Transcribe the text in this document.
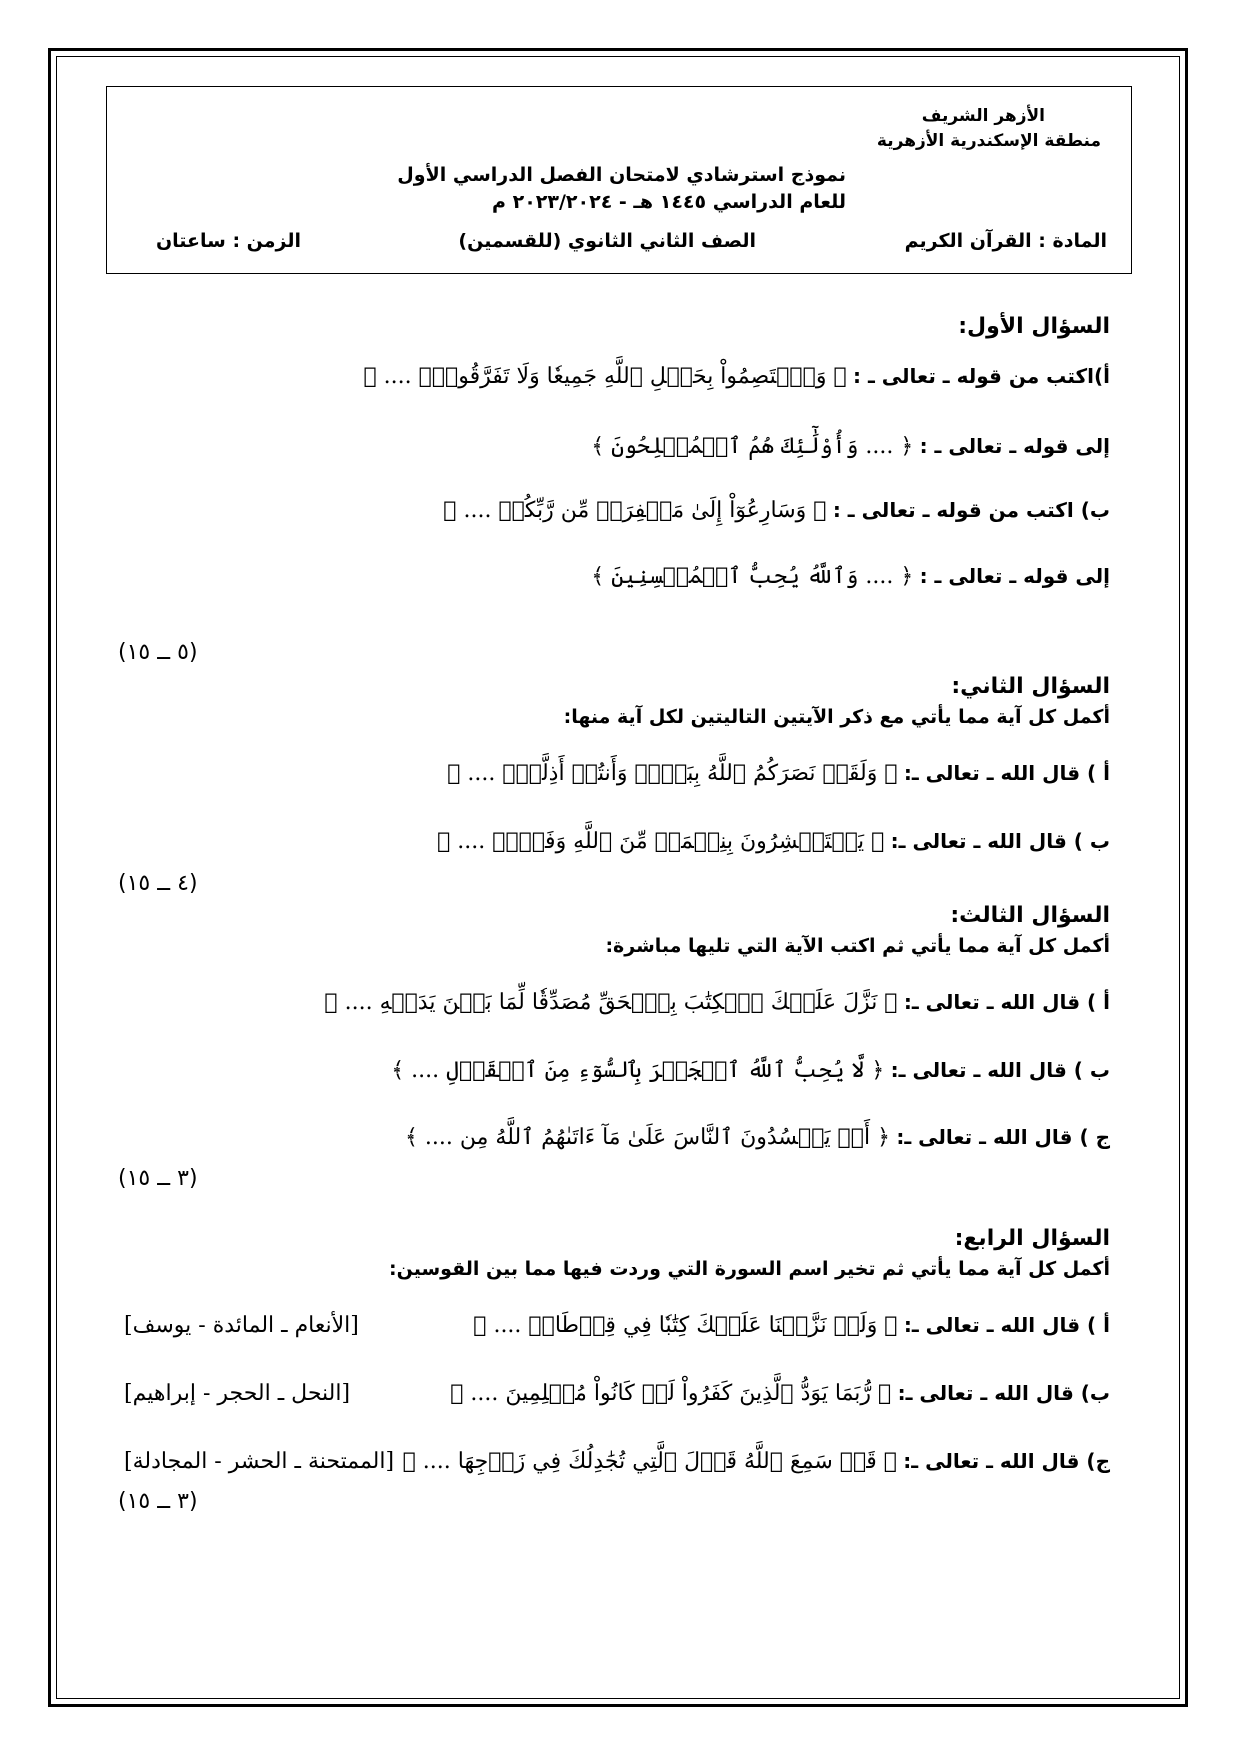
الأزهر الشريف
منطقة الإسكندرية الأزهرية
نموذج استرشادي لامتحان الفصل الدراسي الأول
للعام الدراسي ١٤٤٥ هـ - ٢٠٢٣/٢٠٢٤ م
المادة : القرآن الكريم
الصف الثاني الثانوي (للقسمين)
الزمن : ساعتان
السؤال الأول:
أ)اكتب من قوله ـ تعالى ـ : ﴿ وَٱعۡتَصِمُواْ بِحَبۡلِ ٱللَّهِ جَمِيعٗا وَلَا تَفَرَّقُواْۚ .... ﴾
إلى قوله ـ تعالى ـ : ﴿ .... وَأُوْلَٰٓئِكَ هُمُ ٱلۡمُفۡلِحُونَ ﴾
ب) اكتب من قوله ـ تعالى ـ : ﴿ وَسَارِعُوٓاْ إِلَىٰ مَغۡفِرَةٖ مِّن رَّبِّكُمۡ .... ﴾
إلى قوله ـ تعالى ـ : ﴿ .... وَٱللَّهُ يُحِبُّ ٱلۡمُحۡسِنِينَ ﴾
(٥ ــ ١٥)
السؤال الثاني:
أكمل كل آية مما يأتي مع ذكر الآيتين التاليتين لكل آية منها:
أ ) قال الله ـ تعالى ـ: ﴿ وَلَقَدۡ نَصَرَكُمُ ٱللَّهُ بِبَدۡرٖ وَأَنتُمۡ أَذِلَّةٞۖ .... ﴾
ب ) قال الله ـ تعالى ـ: ﴿ يَسۡتَبۡشِرُونَ بِنِعۡمَةٖ مِّنَ ٱللَّهِ وَفَضۡلٖ .... ﴾
(٤ ــ ١٥)
السؤال الثالث:
أكمل كل آية مما يأتي ثم اكتب الآية التي تليها مباشرة:
أ ) قال الله ـ تعالى ـ: ﴿ نَزَّلَ عَلَيۡكَ ٱلۡكِتَٰبَ بِٱلۡحَقِّ مُصَدِّقٗا لِّمَا بَيۡنَ يَدَيۡهِ .... ﴾
ب ) قال الله ـ تعالى ـ: ﴿ لَّا يُحِبُّ ٱللَّهُ ٱلۡجَهۡرَ بِٱلسُّوٓءِ مِنَ ٱلۡقَوۡلِ .... ﴾
ج ) قال الله ـ تعالى ـ: ﴿ أَمۡ يَحۡسُدُونَ ٱلنَّاسَ عَلَىٰ مَآ ءَاتَىٰهُمُ ٱللَّهُ مِن .... ﴾
(٣ ــ ١٥)
السؤال الرابع:
أكمل كل آية مما يأتي ثم تخير اسم السورة التي وردت فيها مما بين القوسين:
أ ) قال الله ـ تعالى ـ: ﴿ وَلَوۡ نَزَّلۡنَا عَلَيۡكَ كِتَٰبٗا فِي قِرۡطَاسٖ .... ﴾
[الأنعام ـ المائدة - يوسف]
ب) قال الله ـ تعالى ـ: ﴿ رُّبَمَا يَوَدُّ ٱلَّذِينَ كَفَرُواْ لَوۡ كَانُواْ مُسۡلِمِينَ .... ﴾
[النحل ـ الحجر - إبراهيم]
ج) قال الله ـ تعالى ـ: ﴿ قَدۡ سَمِعَ ٱللَّهُ قَوۡلَ ٱلَّتِي تُجَٰدِلُكَ فِي زَوۡجِهَا .... ﴾
[الممتحنة ـ الحشر - المجادلة]
(٣ ــ ١٥)
